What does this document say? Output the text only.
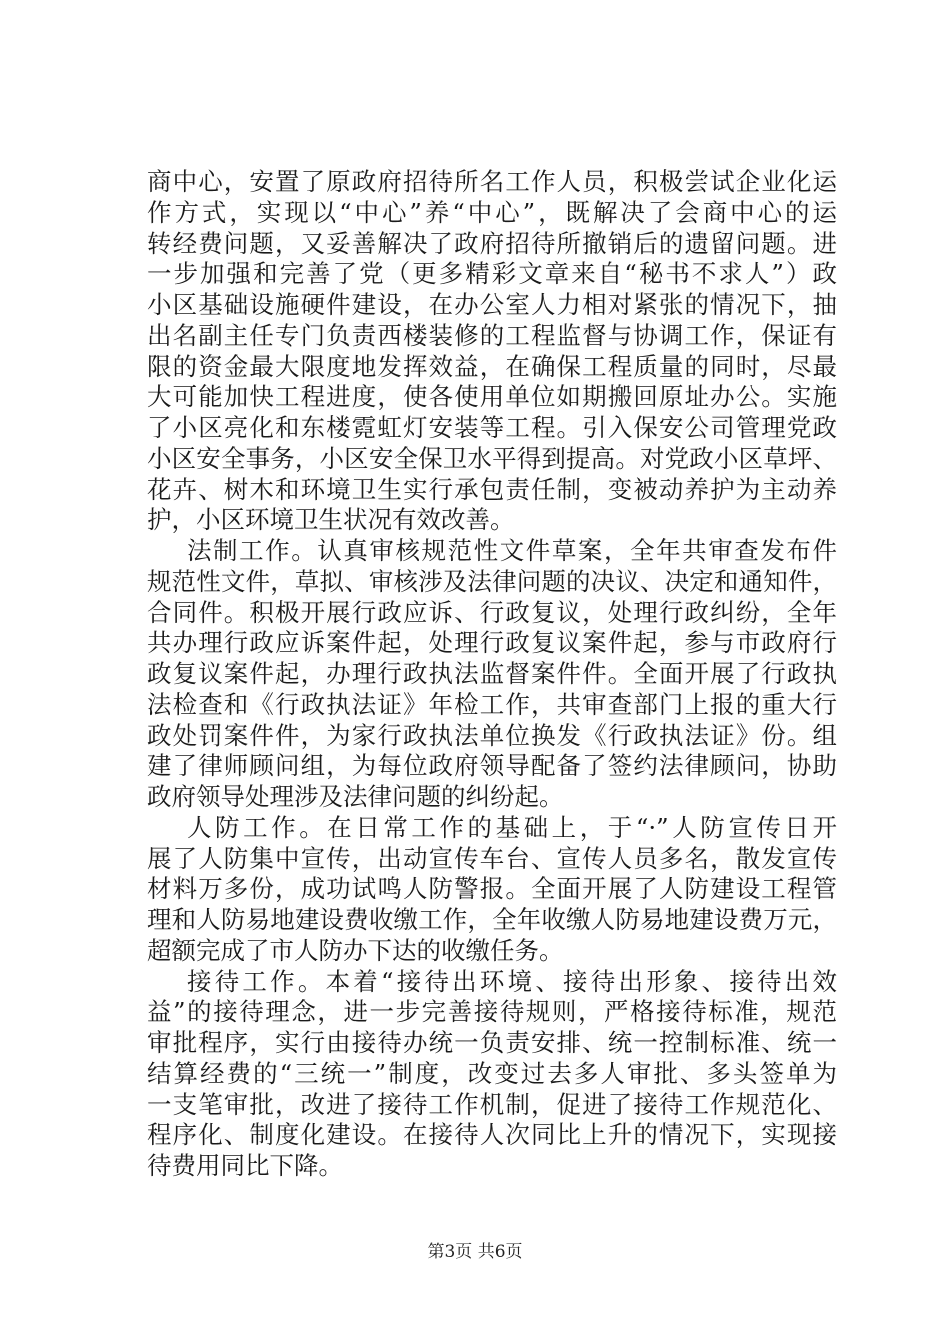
商中心，安置了原政府招待所名工作人员，积极尝试企业化运
作方式，实现以“中心”养“中心”，既解决了会商中心的运
转经费问题，又妥善解决了政府招待所撤销后的遗留问题。进
一步加强和完善了党（更多精彩文章来自“秘书不求人”）政
小区基础设施硬件建设，在办公室人力相对紧张的情况下，抽
出名副主任专门负责西楼装修的工程监督与协调工作，保证有
限的资金最大限度地发挥效益，在确保工程质量的同时，尽最
大可能加快工程进度，使各使用单位如期搬回原址办公。实施
了小区亮化和东楼霓虹灯安装等工程。引入保安公司管理党政
小区安全事务，小区安全保卫水平得到提高。对党政小区草坪、
花卉、树木和环境卫生实行承包责任制，变被动养护为主动养
护，小区环境卫生状况有效改善。
法制工作。认真审核规范性文件草案，全年共审查发布件
规范性文件，草拟、审核涉及法律问题的决议、决定和通知件，
合同件。积极开展行政应诉、行政复议，处理行政纠纷，全年
共办理行政应诉案件起，处理行政复议案件起，参与市政府行
政复议案件起，办理行政执法监督案件件。全面开展了行政执
法检查和《行政执法证》年检工作，共审查部门上报的重大行
政处罚案件件，为家行政执法单位换发《行政执法证》份。组
建了律师顾问组，为每位政府领导配备了签约法律顾问，协助
政府领导处理涉及法律问题的纠纷起。
人防工作。在日常工作的基础上，于“·”人防宣传日开
展了人防集中宣传，出动宣传车台、宣传人员多名，散发宣传
材料万多份，成功试鸣人防警报。全面开展了人防建设工程管
理和人防易地建设费收缴工作，全年收缴人防易地建设费万元，
超额完成了市人防办下达的收缴任务。
接待工作。本着“接待出环境、接待出形象、接待出效
益”的接待理念，进一步完善接待规则，严格接待标准，规范
审批程序，实行由接待办统一负责安排、统一控制标准、统一
结算经费的“三统一”制度，改变过去多人审批、多头签单为
一支笔审批，改进了接待工作机制，促进了接待工作规范化、
程序化、制度化建设。在接待人次同比上升的情况下，实现接
待费用同比下降。
第3页 共6页
